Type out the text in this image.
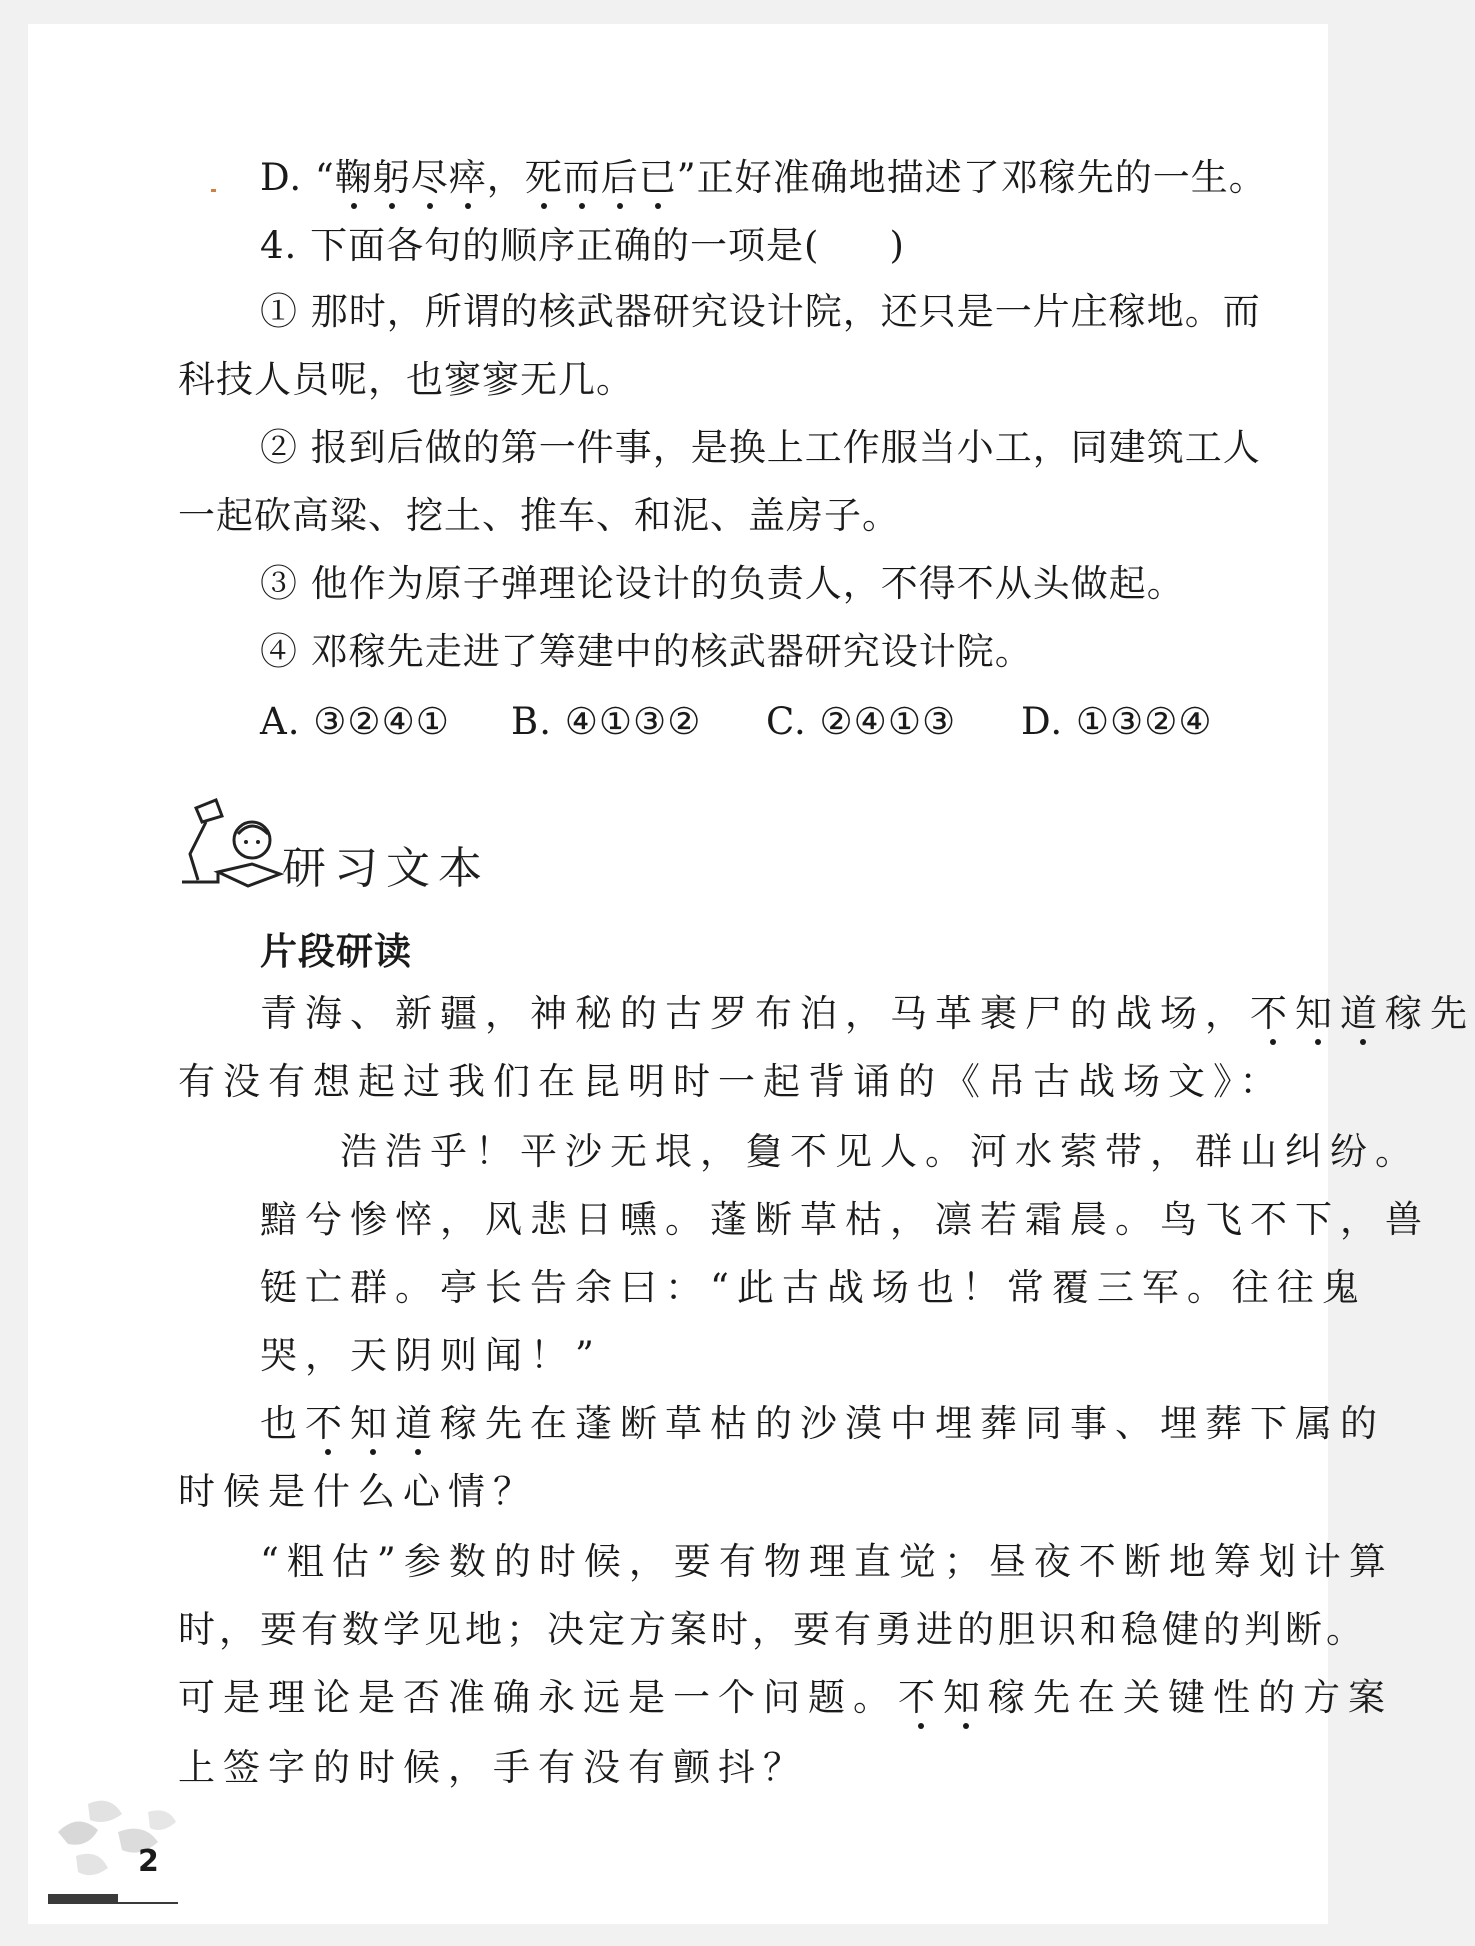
D. “鞠躬尽瘁，死而后已”正好准确地描述了邓稼先的一生。
4. 下面各句的顺序正确的一项是( )
① 那时，所谓的核武器研究设计院，还只是一片庄稼地。而
科技人员呢，也寥寥无几。
② 报到后做的第一件事，是换上工作服当小工，同建筑工人
一起砍高粱、挖土、推车、和泥、盖房子。
③ 他作为原子弹理论设计的负责人，不得不从头做起。
④ 邓稼先走进了筹建中的核武器研究设计院。
A. ③②④① B. ④①③② C. ②④①③ D. ①③②④
研习文本
片段研读
青海、新疆，神秘的古罗布泊，马革裹尸的战场，不知道稼先
有没有想起过我们在昆明时一起背诵的《吊古战场文》：
浩浩乎！平沙无垠，敻不见人。河水萦带，群山纠纷。
黯兮惨悴，风悲日曛。蓬断草枯，凛若霜晨。鸟飞不下，兽
铤亡群。亭长告余曰：“此古战场也！常覆三军。往往鬼
哭，天阴则闻！”
也不知道稼先在蓬断草枯的沙漠中埋葬同事、埋葬下属的
时候是什么心情？
“粗估”参数的时候，要有物理直觉；昼夜不断地筹划计算
时，要有数学见地；决定方案时，要有勇进的胆识和稳健的判断。
可是理论是否准确永远是一个问题。不知稼先在关键性的方案
上签字的时候，手有没有颤抖？
2
